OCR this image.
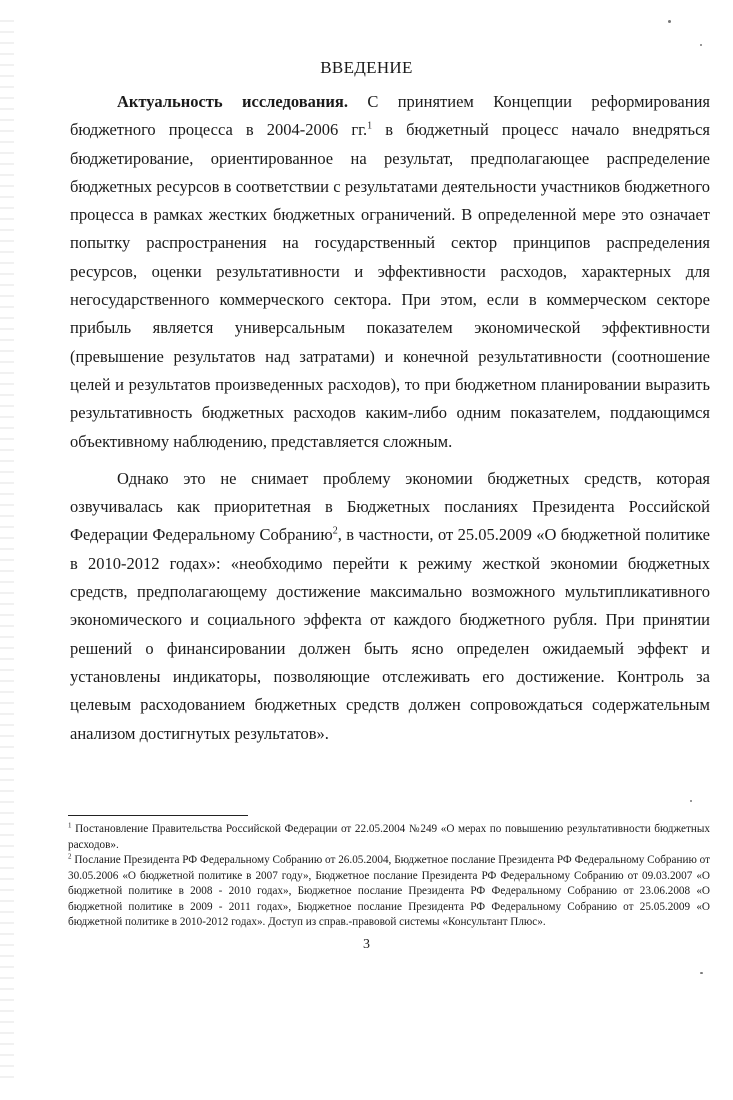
ВВЕДЕНИЕ

Актуальность исследования. С принятием Концепции реформирования бюджетного процесса в 2004-2006 гг.$^1$ в бюджетный процесс начало внедряться бюджетирование, ориентированное на результат, предполагающее распределение бюджетных ресурсов в соответствии с результатами деятельности участников бюджетного процесса в рамках жестких бюджетных ограничений. В определенной мере это означает попытку распространения на государственный сектор принципов распределения ресурсов, оценки результативности и эффективности расходов, характерных для негосударственного коммерческого сектора. При этом, если в коммерческом секторе прибыль является универсальным показателем экономической эффективности (превышение результатов над затратами) и конечной результативности (соотношение целей и результатов произведенных расходов), то при бюджетном планировании выразить результативность бюджетных расходов каким-либо одним показателем, поддающимся объективному наблюдению, представляется сложным.

Однако это не снимает проблему экономии бюджетных средств, которая озвучивалась как приоритетная в Бюджетных посланиях Президента Российской Федерации Федеральному Собранию$^2$, в частности, от 25.05.2009 «О бюджетной политике в 2010-2012 годах»: «необходимо перейти к режиму жесткой экономии бюджетных средств, предполагающему достижение максимально возможного мультипликативного экономического и социального эффекта от каждого бюджетного рубля. При принятии решений о финансировании должен быть ясно определен ожидаемый эффект и установлены индикаторы, позволяющие отслеживать его достижение. Контроль за целевым расходованием бюджетных средств должен сопровождаться содержательным анализом достигнутых результатов».

$^1$ Постановление Правительства Российской Федерации от 22.05.2004 №249 «О мерах по повышению результативности бюджетных расходов».

$^2$ Послание Президента РФ Федеральному Собранию от 26.05.2004, Бюджетное послание Президента РФ Федеральному Собранию от 30.05.2006 «О бюджетной политике в 2007 году», Бюджетное послание Президента РФ Федеральному Собранию от 09.03.2007 «О бюджетной политике в 2008 - 2010 годах», Бюджетное послание Президента РФ Федеральному Собранию от 23.06.2008 «О бюджетной политике в 2009 - 2011 годах», Бюджетное послание Президента РФ Федеральному Собранию от 25.05.2009 «О бюджетной политике в 2010-2012 годах». Доступ из справ.-правовой системы «Консультант Плюс».

3
